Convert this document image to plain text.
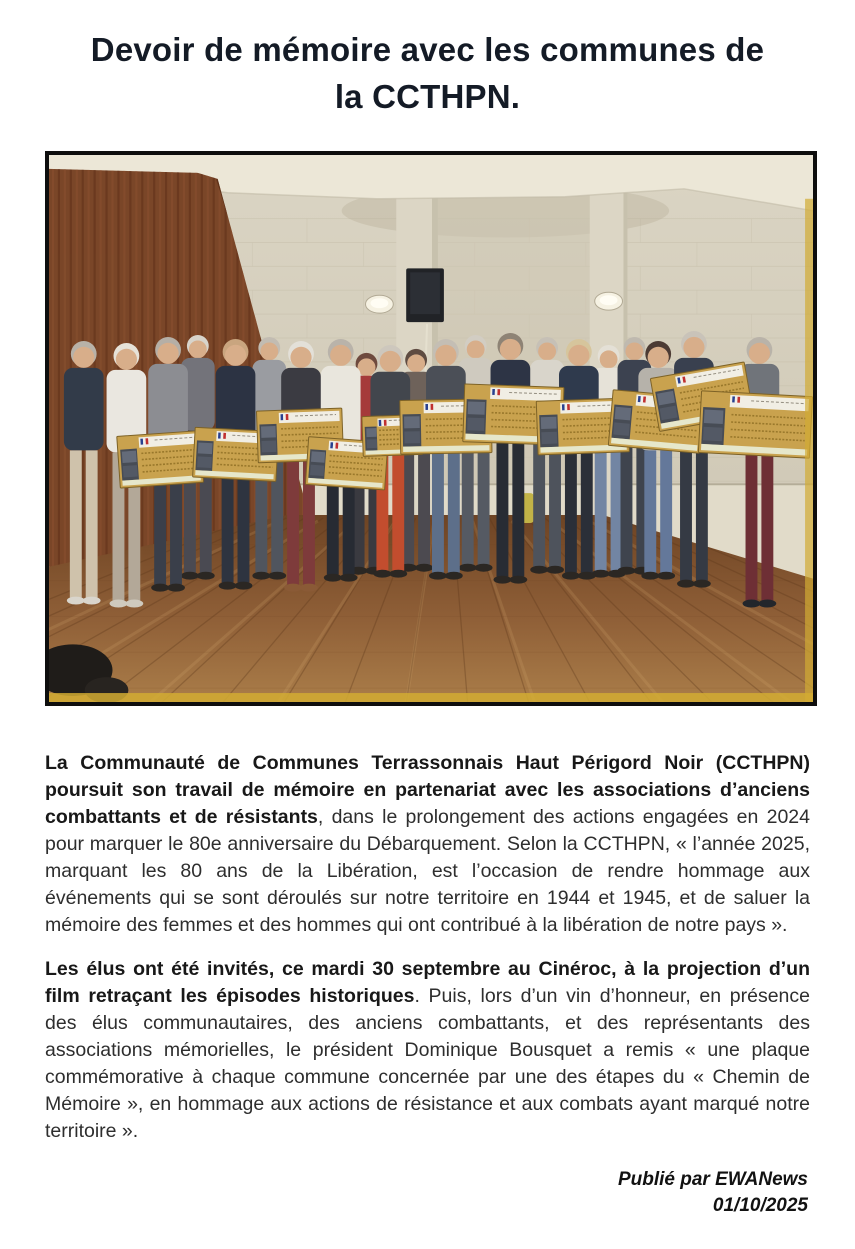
Devoir de mémoire avec les communes de la CCTHPN.

La Communauté de Communes Terrassonnais Haut Périgord Noir (CCTHPN) poursuit son travail de mémoire en partenariat avec les associations d’anciens combattants et de résistants, dans le prolongement des actions engagées en 2024 pour marquer le 80e anniversaire du Débarquement. Selon la CCTHPN, « l’année 2025, marquant les 80 ans de la Libération, est l’occasion de rendre hommage aux événements qui se sont déroulés sur notre territoire en 1944 et 1945, et de saluer la mémoire des femmes et des hommes qui ont contribué à la libération de notre pays ».

Les élus ont été invités, ce mardi 30 septembre au Cinéroc, à la projection d’un film retraçant les épisodes historiques. Puis, lors d’un vin d’honneur, en présence des élus communautaires, des anciens combattants, et des représentants des associations mémorielles, le président Dominique Bousquet a remis « une plaque commémorative à chaque commune concernée par une des étapes du « Chemin de Mémoire », en hommage aux actions de résistance et aux combats ayant marqué notre territoire ».

Publié par EWANews
01/10/2025
